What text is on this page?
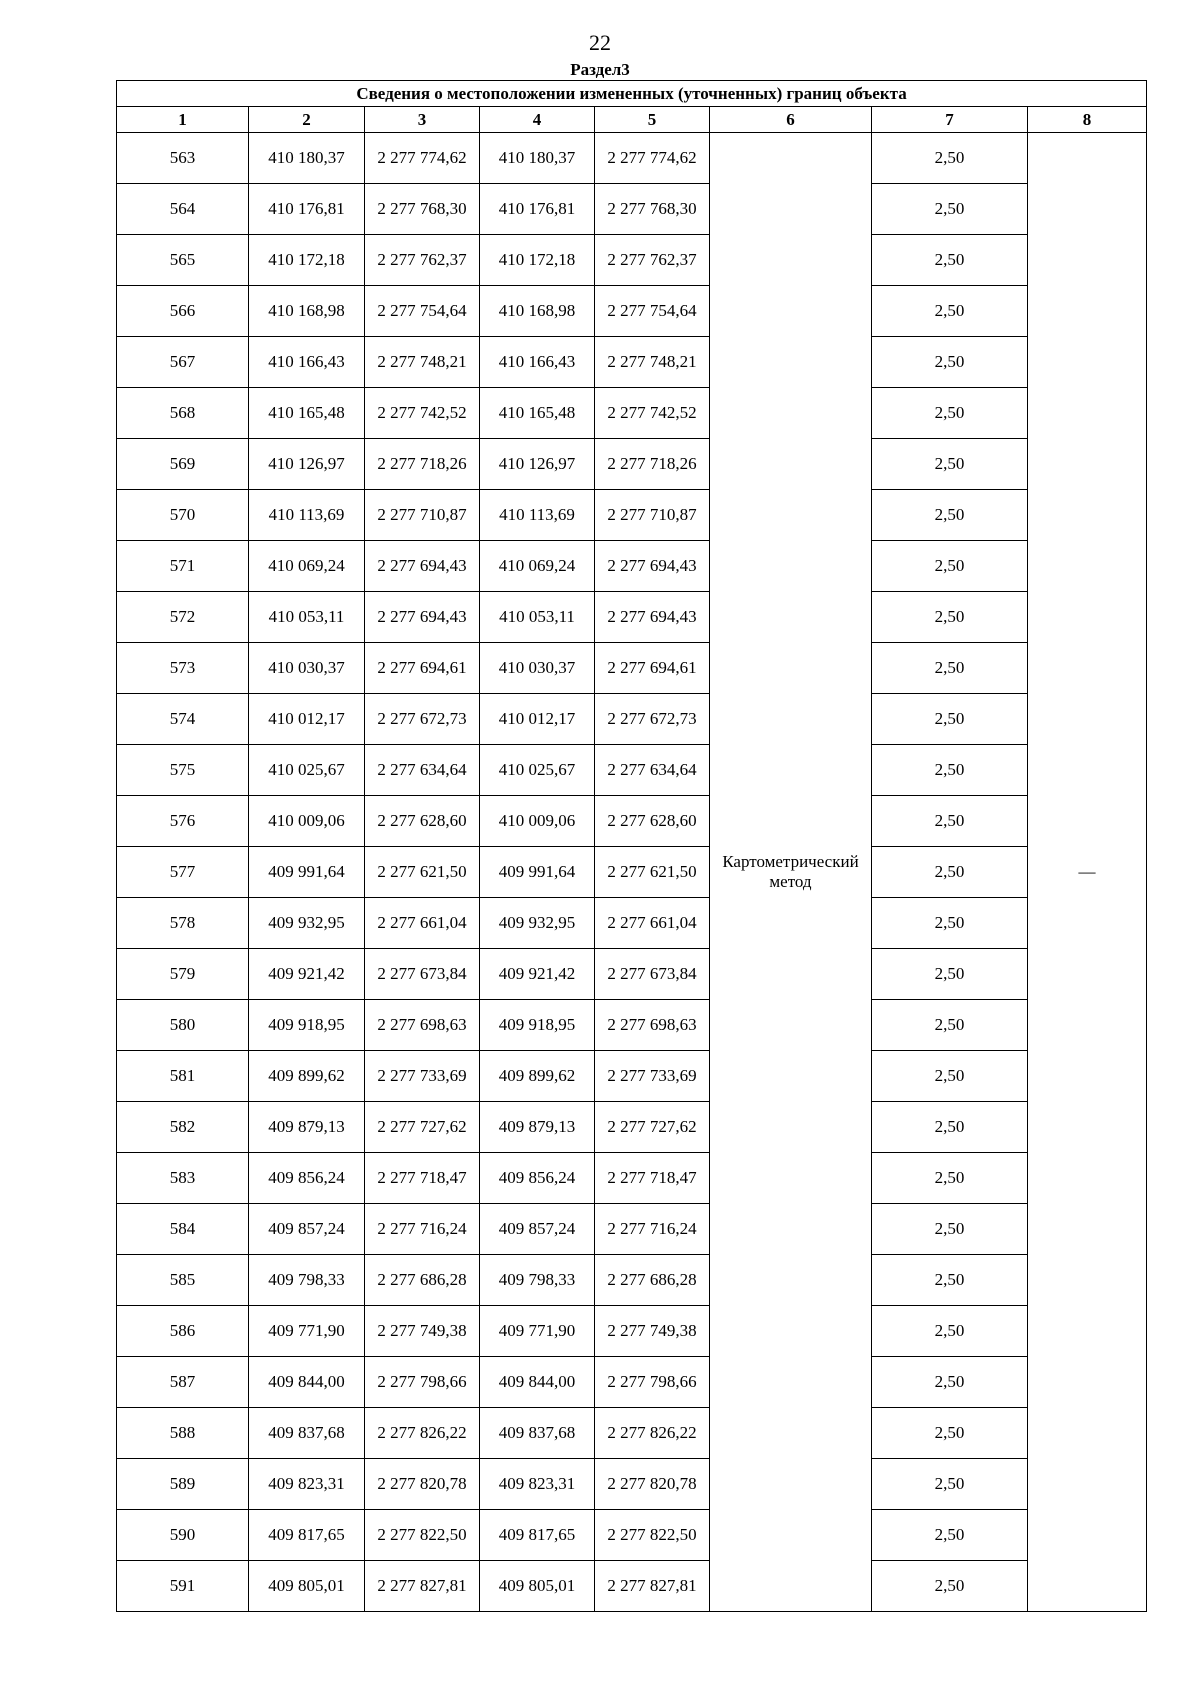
22
Раздел3
Сведения о местоположении измененных (уточненных) границ объекта							
1	2	3	4	5	6	7	8
563	410 180,37	2 277 774,62	410 180,37	2 277 774,62	Картометрический метод	2,50	—
564	410 176,81	2 277 768,30	410 176,81	2 277 768,30		2,50	
565	410 172,18	2 277 762,37	410 172,18	2 277 762,37		2,50	
566	410 168,98	2 277 754,64	410 168,98	2 277 754,64		2,50	
567	410 166,43	2 277 748,21	410 166,43	2 277 748,21		2,50	
568	410 165,48	2 277 742,52	410 165,48	2 277 742,52		2,50	
569	410 126,97	2 277 718,26	410 126,97	2 277 718,26		2,50	
570	410 113,69	2 277 710,87	410 113,69	2 277 710,87		2,50	
571	410 069,24	2 277 694,43	410 069,24	2 277 694,43		2,50	
572	410 053,11	2 277 694,43	410 053,11	2 277 694,43		2,50	
573	410 030,37	2 277 694,61	410 030,37	2 277 694,61		2,50	
574	410 012,17	2 277 672,73	410 012,17	2 277 672,73		2,50	
575	410 025,67	2 277 634,64	410 025,67	2 277 634,64		2,50	
576	410 009,06	2 277 628,60	410 009,06	2 277 628,60		2,50	
577	409 991,64	2 277 621,50	409 991,64	2 277 621,50		2,50	
578	409 932,95	2 277 661,04	409 932,95	2 277 661,04		2,50	
579	409 921,42	2 277 673,84	409 921,42	2 277 673,84		2,50	
580	409 918,95	2 277 698,63	409 918,95	2 277 698,63		2,50	
581	409 899,62	2 277 733,69	409 899,62	2 277 733,69		2,50	
582	409 879,13	2 277 727,62	409 879,13	2 277 727,62		2,50	
583	409 856,24	2 277 718,47	409 856,24	2 277 718,47		2,50	
584	409 857,24	2 277 716,24	409 857,24	2 277 716,24		2,50	
585	409 798,33	2 277 686,28	409 798,33	2 277 686,28		2,50	
586	409 771,90	2 277 749,38	409 771,90	2 277 749,38		2,50	
587	409 844,00	2 277 798,66	409 844,00	2 277 798,66		2,50	
588	409 837,68	2 277 826,22	409 837,68	2 277 826,22		2,50	
589	409 823,31	2 277 820,78	409 823,31	2 277 820,78		2,50	
590	409 817,65	2 277 822,50	409 817,65	2 277 822,50		2,50	
591	409 805,01	2 277 827,81	409 805,01	2 277 827,81		2,50	
